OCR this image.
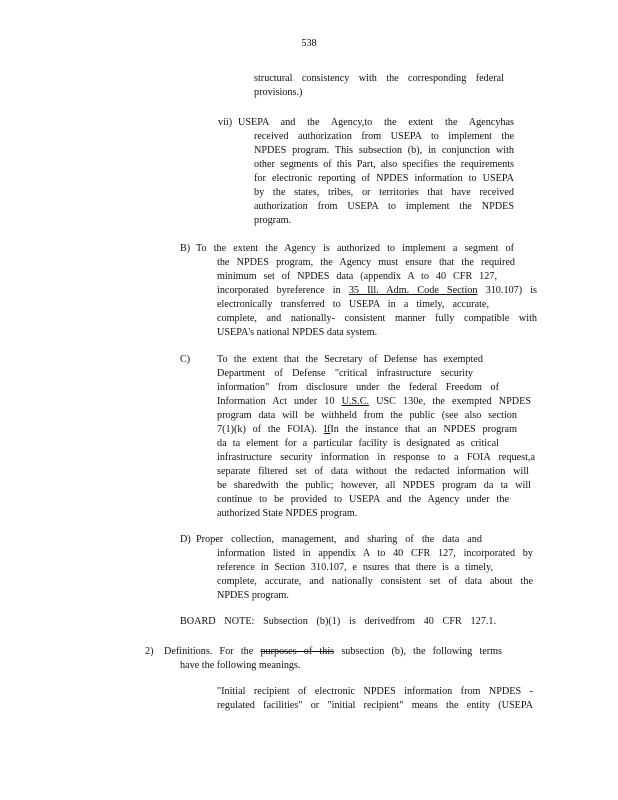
538
structural consistency with the corresponding federal
provisions.)
vii) USEPA and the Agency,to the extent the Agencyhas
received authorization from USEPA to implement the
NPDES program. This subsection (b), in conjunction with
other segments of this Part, also specifies the requirements
for electronic reporting of NPDES information to USEPA
by the states, tribes, or territories that have received
authorization from USEPA to implement the NPDES
program.
B) To the extent the Agency is authorized to implement a segment of
the NPDES program, the Agency must ensure that the required
minimum set of NPDES data (appendix A to 40 CFR 127,
incorporated byreference in 35 Ill. Adm. Code Section 310.107) is
electronically transferred to USEPA in a timely, accurate,
complete, and nationally- consistent manner fully compatible with
USEPA's national NPDES data system.
C)	To the extent that the Secretary of Defense has exempted
Department of Defense "critical infrastructure security
information" from disclosure under the federal Freedom of
Information Act under 10 U.S.C. USC 130e, the exempted NPDES
program data will be withheld from the public (see also section
7(1)(k) of the FOIA). IfIn the instance that an NPDES program
da ta element for a particular facility is designated as critical
infrastructure security information in response to a FOIA request,a
separate filtered set of data without the redacted information will
be sharedwith the public; however, all NPDES program da ta will
continue to be provided to USEPA and the Agency under the
authorized State NPDES program.
D) Proper collection, management, and sharing of the data and
information listed in appendix A to 40 CFR 127, incorporated by
reference in Section 310.107, e nsures that there is a timely,
complete, accurate, and nationally consistent set of data about the
NPDES program.
BOARD NOTE: Subsection (b)(1) is derivedfrom 40 CFR 127.1.
2) Definitions. For the purposes of this subsection (b), the following terms
have the following meanings.
"Initial recipient of electronic NPDES information from NPDES -
regulated facilities" or "initial recipient" means the entity (USEPA
